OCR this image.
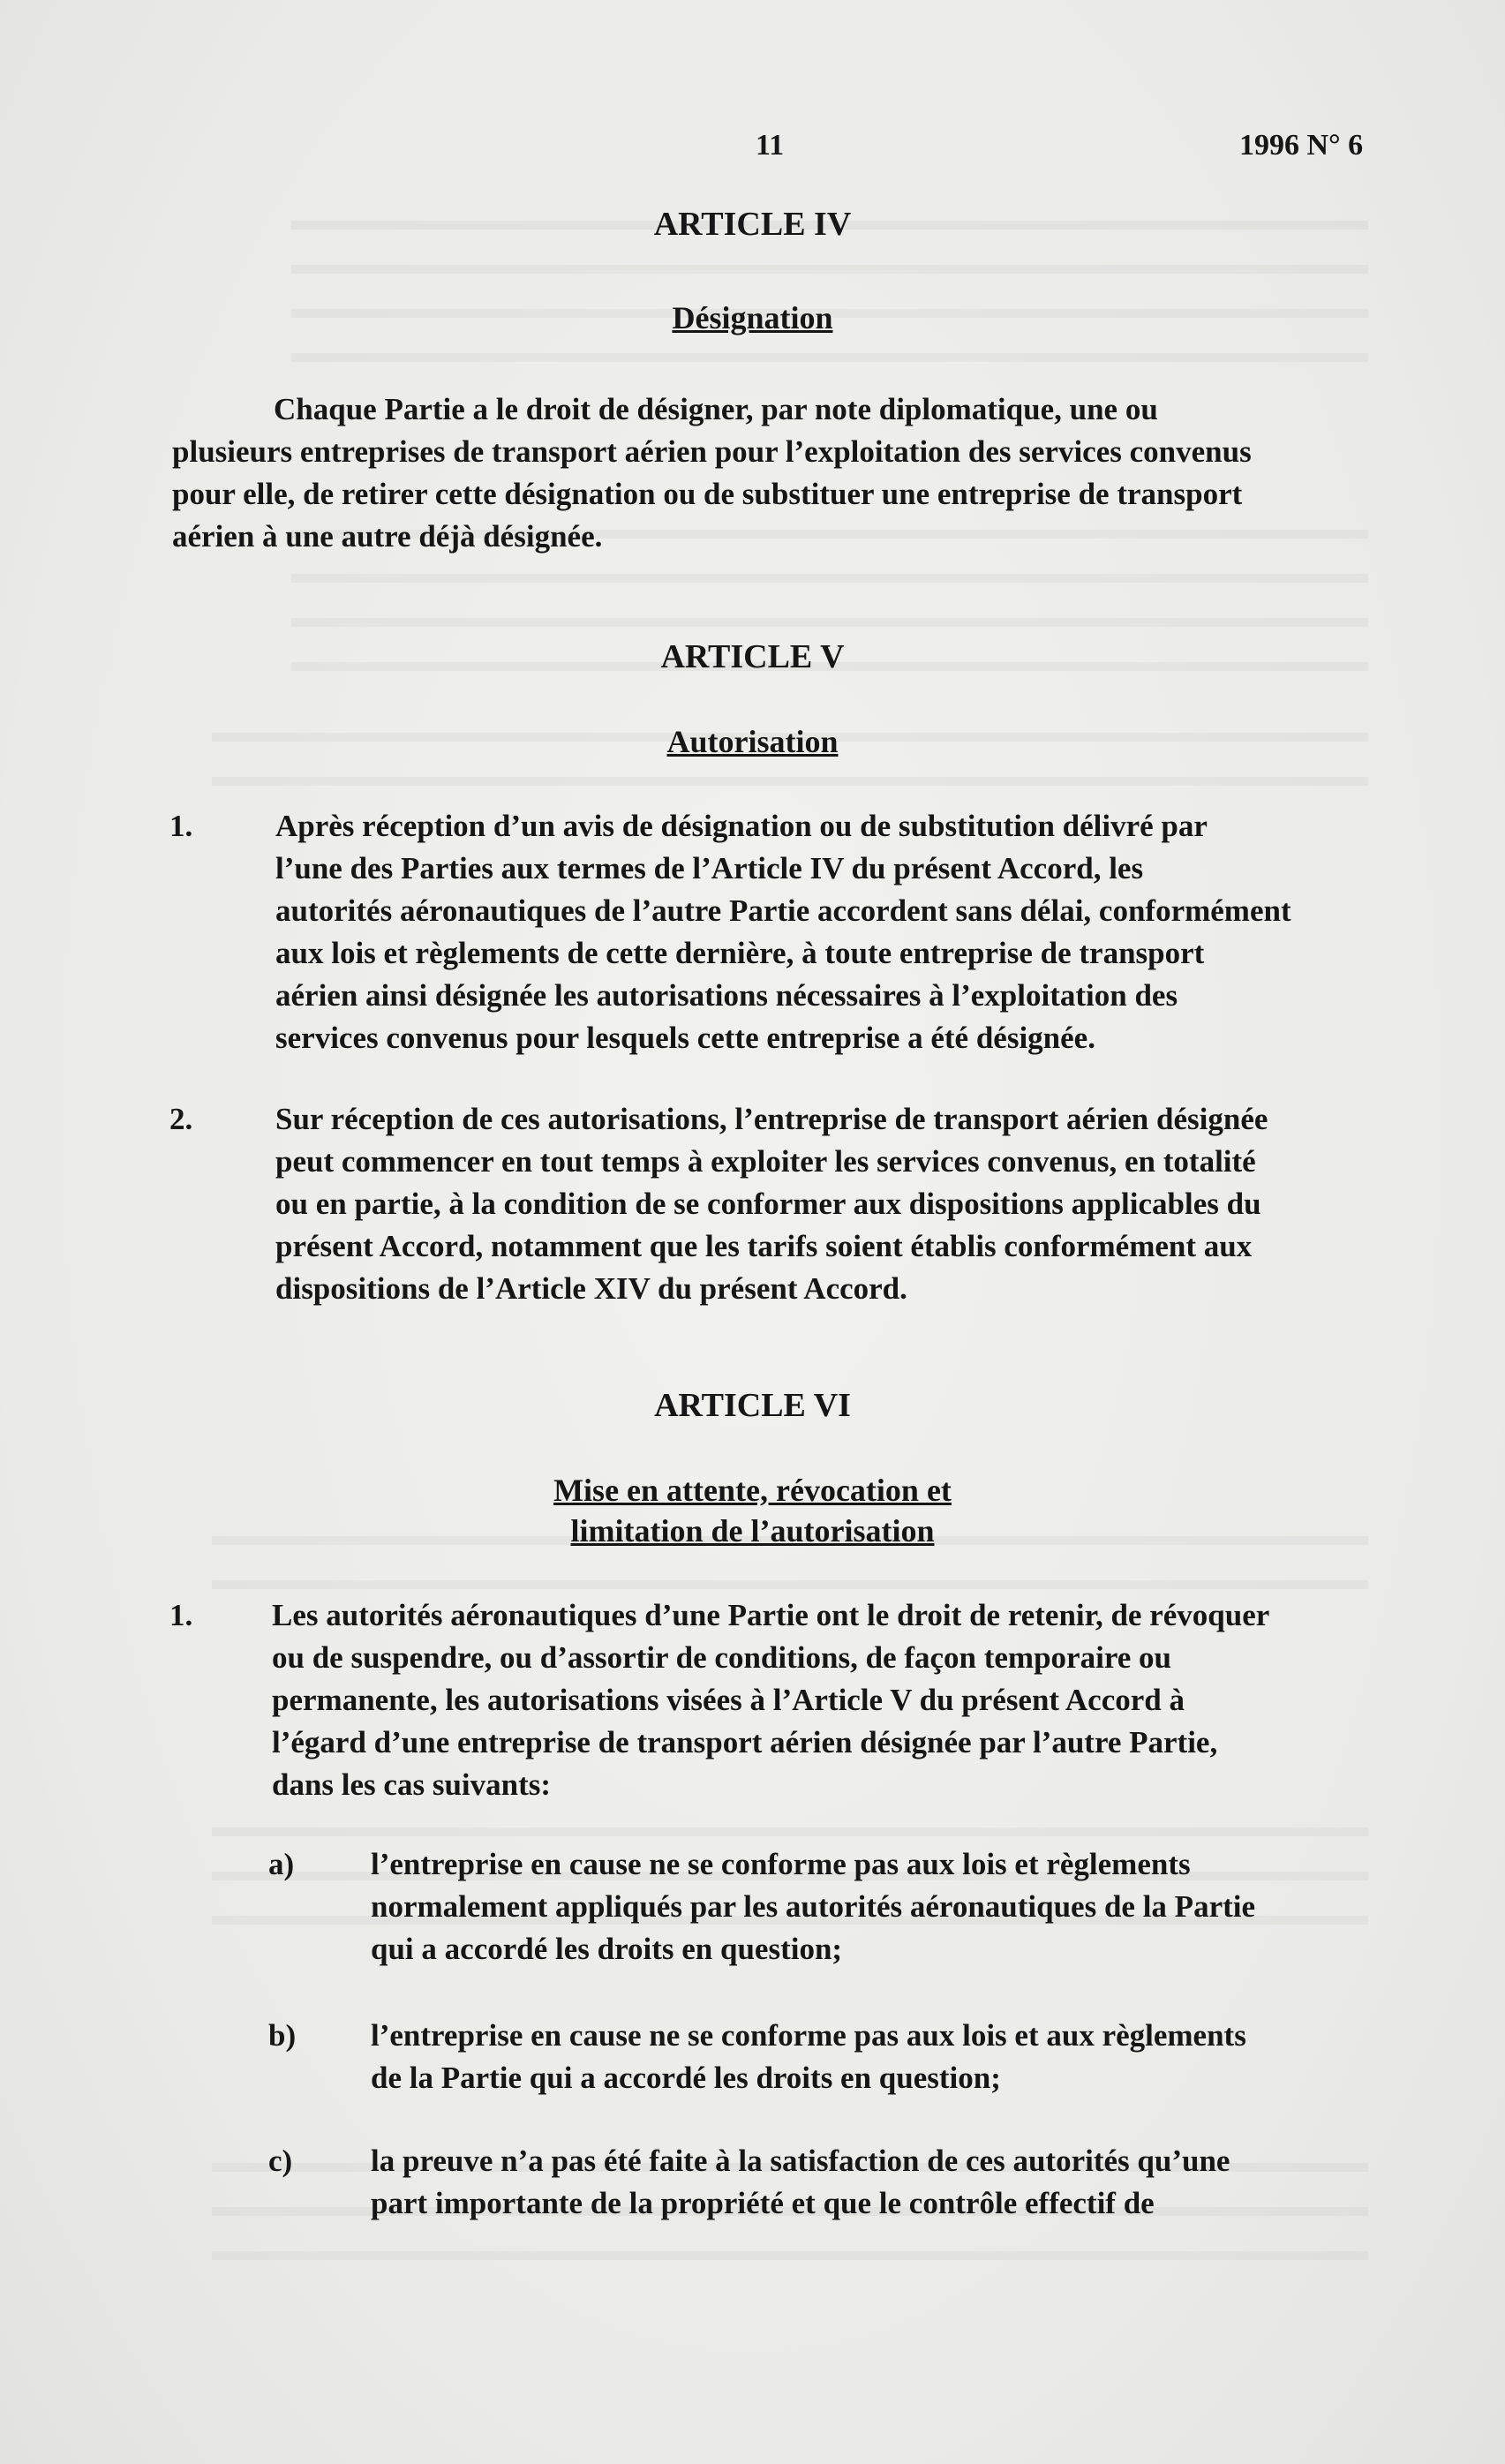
11	1996 N° 6
ARTICLE IV
Désignation
Chaque Partie a le droit de désigner, par note diplomatique, une ou
plusieurs entreprises de transport aérien pour l’exploitation des services convenus
pour elle, de retirer cette désignation ou de substituer une entreprise de transport
aérien à une autre déjà désignée.
ARTICLE V
Autorisation
1.	Après réception d’un avis de désignation ou de substitution délivré par
l’une des Parties aux termes de l’Article IV du présent Accord, les
autorités aéronautiques de l’autre Partie accordent sans délai, conformément
aux lois et règlements de cette dernière, à toute entreprise de transport
aérien ainsi désignée les autorisations nécessaires à l’exploitation des
services convenus pour lesquels cette entreprise a été désignée.
2.	Sur réception de ces autorisations, l’entreprise de transport aérien désignée
peut commencer en tout temps à exploiter les services convenus, en totalité
ou en partie, à la condition de se conformer aux dispositions applicables du
présent Accord, notamment que les tarifs soient établis conformément aux
dispositions de l’Article XIV du présent Accord.
ARTICLE VI
Mise en attente, révocation et
limitation de l’autorisation
1.	Les autorités aéronautiques d’une Partie ont le droit de retenir, de révoquer
ou de suspendre, ou d’assortir de conditions, de façon temporaire ou
permanente, les autorisations visées à l’Article V du présent Accord à
l’égard d’une entreprise de transport aérien désignée par l’autre Partie,
dans les cas suivants:
a) l’entreprise en cause ne se conforme pas aux lois et règlements
normalement appliqués par les autorités aéronautiques de la Partie
qui a accordé les droits en question;
b) l’entreprise en cause ne se conforme pas aux lois et aux règlements
de la Partie qui a accordé les droits en question;
c)	la preuve n’a pas été faite à la satisfaction de ces autorités qu’une
part importante de la propriété et que le contrôle effectif de
